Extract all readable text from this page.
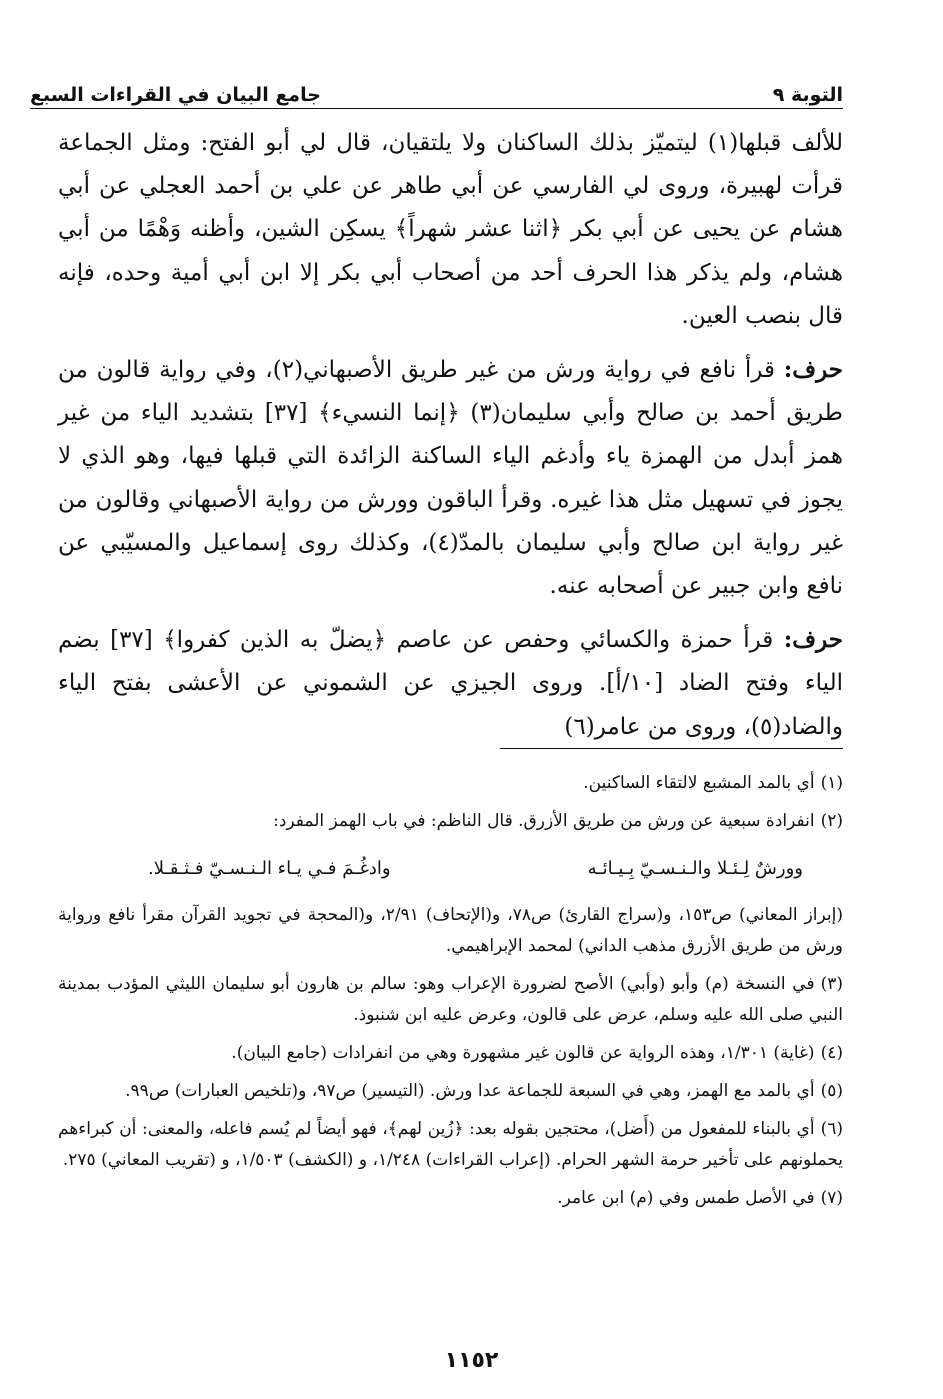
التوبة ٩
جامع البيان في القراءات السبع

للألف قبلها(١) ليتميّز بذلك الساكنان ولا يلتقيان، قال لي أبو الفتح: ومثل الجماعة قرأت لهبيرة، وروى لي الفارسي عن أبي طاهر عن علي بن أحمد العجلي عن أبي هشام عن يحيى عن أبي بكر ﴿اثنا عشر شهراً﴾ يسكِن الشين، وأظنه وَهْمًا من أبي هشام، ولم يذكر هذا الحرف أحد من أصحاب أبي بكر إلا ابن أبي أمية وحده، فإنه قال بنصب العين.

حرف: قرأ نافع في رواية ورش من غير طريق الأصبهاني(٢)، وفي رواية قالون من طريق أحمد بن صالح وأبي سليمان(٣) ﴿إنما النسيء﴾ [٣٧] بتشديد الياء من غير همز أبدل من الهمزة ياء وأدغم الياء الساكنة الزائدة التي قبلها فيها، وهو الذي لا يجوز في تسهيل مثل هذا غيره. وقرأ الباقون وورش من رواية الأصبهاني وقالون من غير رواية ابن صالح وأبي سليمان بالمدّ(٤)، وكذلك روى إسماعيل والمسيّبي عن نافع وابن جبير عن أصحابه عنه.

حرف: قرأ حمزة والكسائي وحفص عن عاصم ﴿يضلّ به الذين كفروا﴾ [٣٧] بضم الياء وفتح الضاد [١٠/أ]. وروى الجيزي عن الشموني عن الأعشى بفتح الياء والضاد(٥)، وروى من عامر(٦)

(١)أي بالمد المشبع لالتقاء الساكنين.

(٢)انفرادة سبعية عن ورش من طريق الأزرق. قال الناظم: في باب الهمز المفرد:

وورشٌ لِـئـلا والـنـسـيّ بِـيـائـه
وادغُـمَ فـي يـاء الـنـسـيّ فـثـقـلا.

(إبراز المعاني) ص١٥٣، و(سراج القارئ) ص٧٨، و(الإتحاف) ٢/٩١، و(المحجة في تجويد القرآن مقرأ نافع ورواية ورش من طريق الأزرق مذهب الداني) لمحمد الإبراهيمي.

(٣)في النسخة (م) وأبو (وأبي) الأصح لضرورة الإعراب وهو: سالم بن هارون أبو سليمان الليثي المؤدب بمدينة النبي صلى الله عليه وسلم، عرض على قالون، وعرض عليه ابن شنبوذ.

(٤)(غاية) ١/٣٠١، وهذه الرواية عن قالون غير مشهورة وهي من انفرادات (جامع البيان).

(٥)أي بالمد مع الهمز، وهي في السبعة للجماعة عدا ورش. (التيسير) ص٩٧، و(تلخيص العبارات) ص٩٩.

(٦)أي بالبناء للمفعول من (أَضل)، محتجين بقوله بعد: ﴿زُين لهم﴾، فهو أيضاً لم يُسم فاعله، والمعنى: أن كبراءهم يحملونهم على تأخير حرمة الشهر الحرام. (إعراب القراءات) ١/٢٤٨، و (الكشف) ١/٥٠٣، و (تقريب المعاني) ٢٧٥.

(٧)في الأصل طمس وفي (م) ابن عامر.

١١٥٢
